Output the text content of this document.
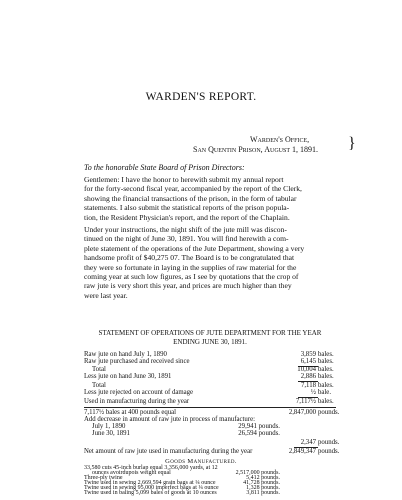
WARDEN'S REPORT.
Warden's Office,
San Quentin Prison, August 1, 1891. }
To the honorable State Board of Prison Directors:
Gentlemen: I have the honor to herewith submit my annual report
for the forty-second fiscal year, accompanied by the report of the Clerk,
showing the financial transactions of the prison, in the form of tabular
statements. I also submit the statistical reports of the prison popula-
tion, the Resident Physician's report, and the report of the Chaplain.
Under your instructions, the night shift of the jute mill was discon-
tinued on the night of June 30, 1891. You will find herewith a com-
plete statement of the operations of the Jute Department, showing a very
handsome profit of $40,275 07. The Board is to be congratulated that
they were so fortunate in laying in the supplies of raw material for the
coming year at such low figures, as I see by quotations that the crop of
raw jute is very short this year, and prices are much higher than they
were last year.
STATEMENT OF OPERATIONS OF JUTE DEPARTMENT FOR THE YEAR
ENDING JUNE 30, 1891.
Raw jute on hand July 1, 1890	3,859 bales.
Raw jute purchased and received since	6,145 bales.
Total	10,004 bales.
Less jute on hand June 30, 1891	2,886 bales.
Total	7,118 bales.
Less jute rejected on account of damage	½ bale.
Used in manufacturing during the year	7,117½ bales.
7,117½ bales at 400 pounds equal	2,847,000 pounds.
Add decrease in amount of raw jute in process of manufacture:
July 1, 1890	29,941 pounds.
June 30, 1891	26,594 pounds.
2,347 pounds.
Net amount of raw jute used in manufacturing during the year	2,849,347 pounds.
Goods Manufactured.
33,580 cuts 45-inch burlap equal 3,356,000 yards, at 12
ounces avoirdupois weight equal	2,517,000 pounds.
Three-ply twine	5,412 pounds.
Twine used in sewing 2,669,594 grain bags at ¼ ounce	41,728 pounds.
Twine used in sewing 95,000 imperfect bags at ¼ ounce	1,328 pounds.
Twine used in baling 5,099 bales of goods at 10 ounces	3,811 pounds.
